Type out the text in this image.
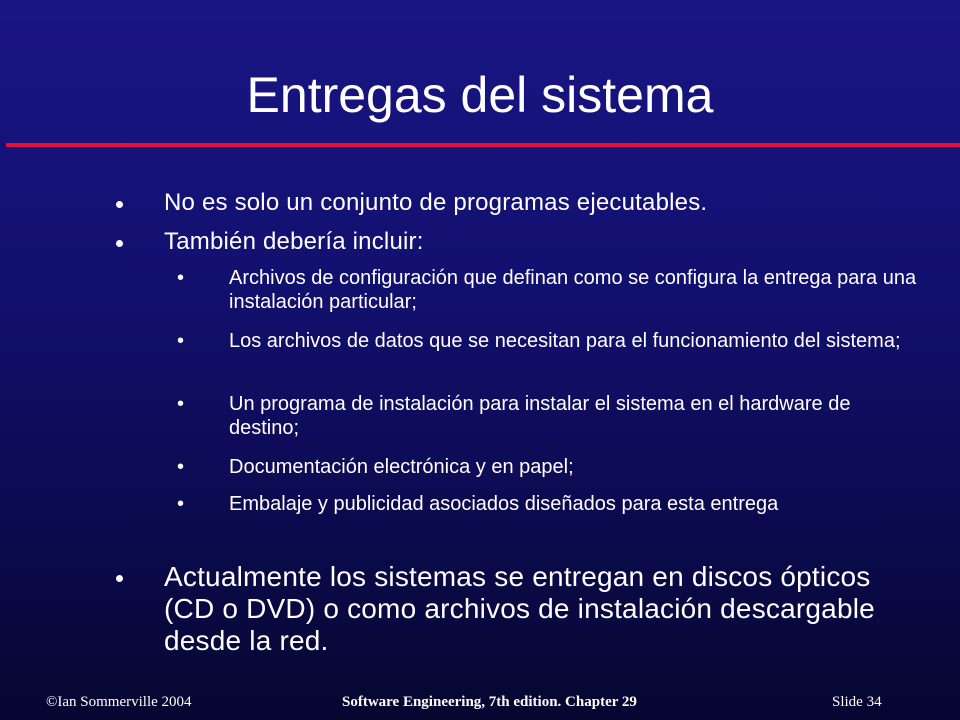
Entregas del sistema
No es solo un conjunto de programas ejecutables.
También debería incluir:
• Archivos de configuración que definan como se configura la entrega para una instalación particular;
• Los archivos de datos que se necesitan para el funcionamiento del sistema;
• Un programa de instalación para instalar el sistema en el hardware de destino;
• Documentación electrónica y en papel;
• Embalaje y publicidad asociados diseñados para esta entrega
Actualmente los sistemas se entregan en discos ópticos (CD o DVD) o como archivos de instalación descargable desde la red.
©Ian Sommerville 2004	Software Engineering, 7th edition. Chapter 29	Slide 34
